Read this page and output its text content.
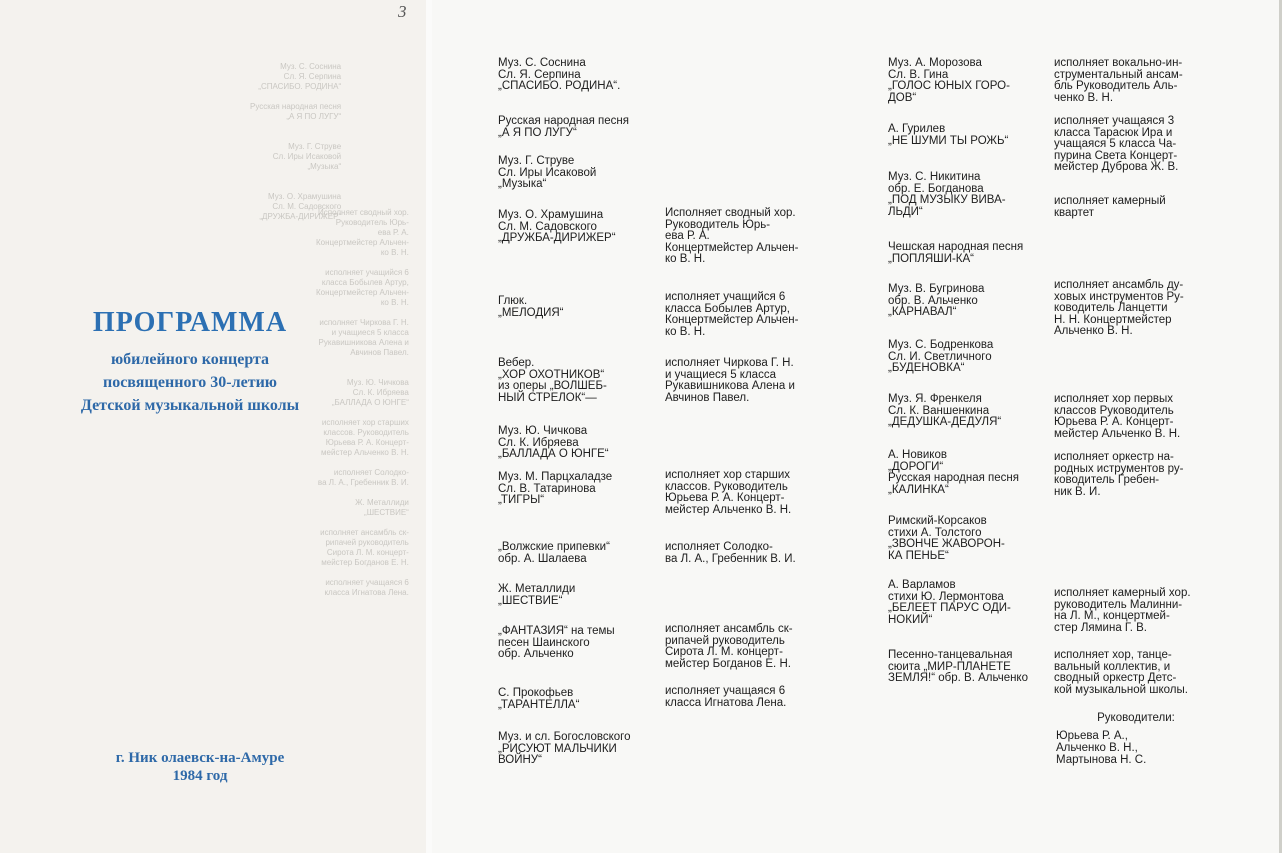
3
Муз. С. Соснина
Сл. Я. Серпина
„СПАСИБО. РОДИНА“

Русская народная песня
„А Я ПО ЛУГУ“

Муз. Г. Струве
Сл. Иры Исаковой
„Музыка“

Муз. О. Храмушина
Сл. М. Садовского
„ДРУЖБА-ДИРИЖЕР“
Исполняет сводный хор.
Руководитель Юрь-
ева Р. А.
Концертмейстер Альчен-
ко В. Н.

исполняет учащийся 6
класса Бобылев Артур,
Концертмейстер Альчен-
ко В. Н.

исполняет Чиркова Г. Н.
и учащиеся 5 класса
Рукавишникова Алена и
Авчинов Павел.

Муз. Ю. Чичкова
Сл. К. Ибряева
„БАЛЛАДА О ЮНГЕ“

исполняет хор старших
классов. Руководитель
Юрьева Р. А. Концерт-
мейстер Альченко В. Н.

исполняет Солодко-
ва Л. А., Гребенник В. И.

Ж. Металлиди
„ШЕСТВИЕ“

исполняет ансамбль ск-
рипачей руководитель
Сирота Л. М. концерт-
мейстер Богданов Е. Н.

исполняет учащаяся 6
класса Игнатова Лена.
ПРОГРАММА
юбилейного концерта
посвященного 30-летию
Детской музыкальной школы
г. Ник олаевск-на-Амуре
1984 год
Муз. С. Соснина
Сл. Я. Серпина
„СПАСИБО. РОДИНА“.
Русская народная песня
„А Я ПО ЛУГУ“
Муз. Г. Струве
Сл. Иры Исаковой
„Музыка“
Муз. О. Храмушина
Сл. М. Садовского
„ДРУЖБА-ДИРИЖЕР“
Исполняет сводный хор.
Руководитель Юрь-
ева Р. А.
Концертмейстер Альчен-
ко В. Н.
Глюк.
„МЕЛОДИЯ“
исполняет учащийся 6
класса Бобылев Артур,
Концертмейстер Альчен-
ко В. Н.
Вебер.
„ХОР ОХОТНИКОВ“
из оперы „ВОЛШЕБ-
НЫЙ СТРЕЛОК“—
исполняет Чиркова Г. Н.
и учащиеся 5 класса
Рукавишникова Алена и
Авчинов Павел.
Муз. Ю. Чичкова
Сл. К. Ибряева
„БАЛЛАДА О ЮНГЕ“
Муз. М. Парцхаладзе
Сл. В. Татаринова
„ТИГРЫ“
исполняет хор старших
классов. Руководитель
Юрьева Р. А. Концерт-
мейстер Альченко В. Н.
„Волжские припевки“
обр. А. Шалаева
исполняет Солодко-
ва Л. А., Гребенник В. И.
Ж. Металлиди
„ШЕСТВИЕ“
„ФАНТАЗИЯ“ на темы
песен Шаинского
обр. Альченко
исполняет ансамбль ск-
рипачей руководитель
Сирота Л. М. концерт-
мейстер Богданов Е. Н.
С. Прокофьев
„ТАРАНТЕЛЛА“
исполняет учащаяся 6
класса Игнатова Лена.
Муз. и сл. Богословского
„РИСУЮТ МАЛЬЧИКИ
ВОЙНУ“
Муз. А. Морозова
Сл. В. Гина
„ГОЛОС ЮНЫХ ГОРО-
ДОВ“
исполняет вокально-ин-
струментальный ансам-
бль Руководитель Аль-
ченко В. Н.
А. Гурилев
„НЕ ШУМИ ТЫ РОЖЬ“
исполняет учащаяся 3
класса Тарасюк Ира и
учащаяся 5 класса Ча-
пурина Света Концерт-
мейстер Дуброва Ж. В.
Муз. С. Никитина
обр. Е. Богданова
„ПОД МУЗЫКУ ВИВА-
ЛЬДИ“
исполняет камерный
квартет
Чешская народная песня
„ПОПЛЯШИ-КА“
Муз. В. Бугринова
обр. В. Альченко
„КАРНАВАЛ“
исполняет ансамбль ду-
ховых инструментов Ру-
ководитель Ланцетти
Н. Н. Концертмейстер
Альченко В. Н.
Муз. С. Бодренкова
Сл. И. Светличного
„БУДЕНОВКА“
Муз. Я. Френкеля
Сл. К. Ваншенкина
„ДЕДУШКА-ДЕДУЛЯ“
исполняет хор первых
классов Руководитель
Юрьева Р. А. Концерт-
мейстер Альченко В. Н.
А. Новиков
„ДОРОГИ“
Русская народная песня
„КАЛИНКА“
исполняет оркестр на-
родных иструментов ру-
ководитель Гребен-
ник В. И.
Римский-Корсаков
стихи А. Толстого
„ЗВОНЧЕ ЖАВОРОН-
КА ПЕНЬЕ“
А. Варламов
стихи Ю. Лермонтова
„БЕЛЕЕТ ПАРУС ОДИ-
НОКИЙ“
исполняет камерный хор.
руководитель Малинни-
на Л. М., концертмей-
стер Лямина Г. В.
Песенно-танцевальная
сюита „МИР-ПЛАНЕТЕ
ЗЕМЛЯ!“ обр. В. Альченко
исполняет хор, танце-
вальный коллектив, и
сводный оркестр Детс-
кой музыкальной школы.
Руководители:
Юрьева Р. А.,
Альченко В. Н.,
Мартынова Н. С.
